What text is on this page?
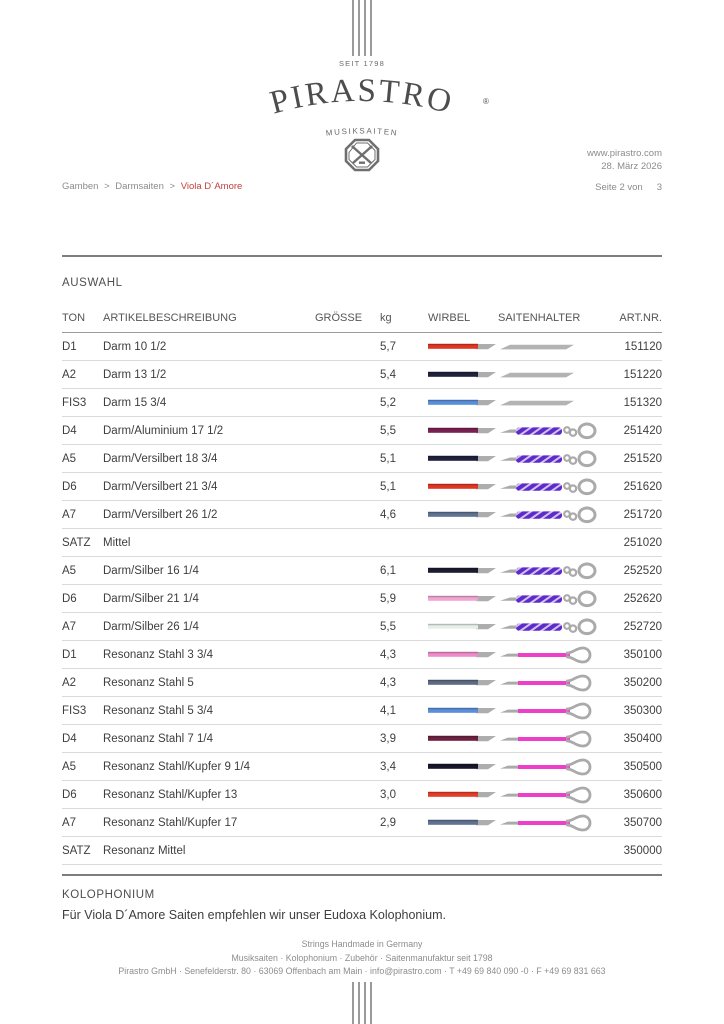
SEIT 1798
PIRASTRO	®
MUSIKSAITEN
www.pirastro.com
28. März 2026
Seite 2 von 3
Gamben > Darmsaiten > Viola D´Amore
AUSWAHL
TON	ARTIKELBESCHREIBUNG	GRÖSSE	kg	WIRBEL	SAITENHALTER	ART.NR.
D1	Darm 10 1/2	5,7	151120
A2	Darm 13 1/2	5,4	151220
FIS3	Darm 15 3/4	5,2	151320
D4	Darm/Aluminium 17 1/2	5,5	251420
A5	Darm/Versilbert 18 3/4	5,1	251520
D6	Darm/Versilbert 21 3/4	5,1	251620
A7	Darm/Versilbert 26 1/2	4,6	251720
SATZ	Mittel	251020
A5	Darm/Silber 16 1/4	6,1	252520
D6	Darm/Silber 21 1/4	5,9	252620
A7	Darm/Silber 26 1/4	5,5	252720
D1	Resonanz Stahl 3 3/4	4,3	350100
A2	Resonanz Stahl 5	4,3	350200
FIS3	Resonanz Stahl 5 3/4	4,1	350300
D4	Resonanz Stahl 7 1/4	3,9	350400
A5	Resonanz Stahl/Kupfer 9 1/4	3,4	350500
D6	Resonanz Stahl/Kupfer 13	3,0	350600
A7	Resonanz Stahl/Kupfer 17	2,9	350700
SATZ	Resonanz Mittel	350000
KOLOPHONIUM

Für Viola D´Amore Saiten empfehlen wir unser Eudoxa Kolophonium.

Strings Handmade in Germany
Musiksaiten · Kolophonium · Zubehör · Saitenmanufaktur seit 1798
Pirastro GmbH · Senefelderstr. 80 · 63069 Offenbach am Main · info@pirastro.com · T +49 69 840 090 -0 · F +49 69 831 663
